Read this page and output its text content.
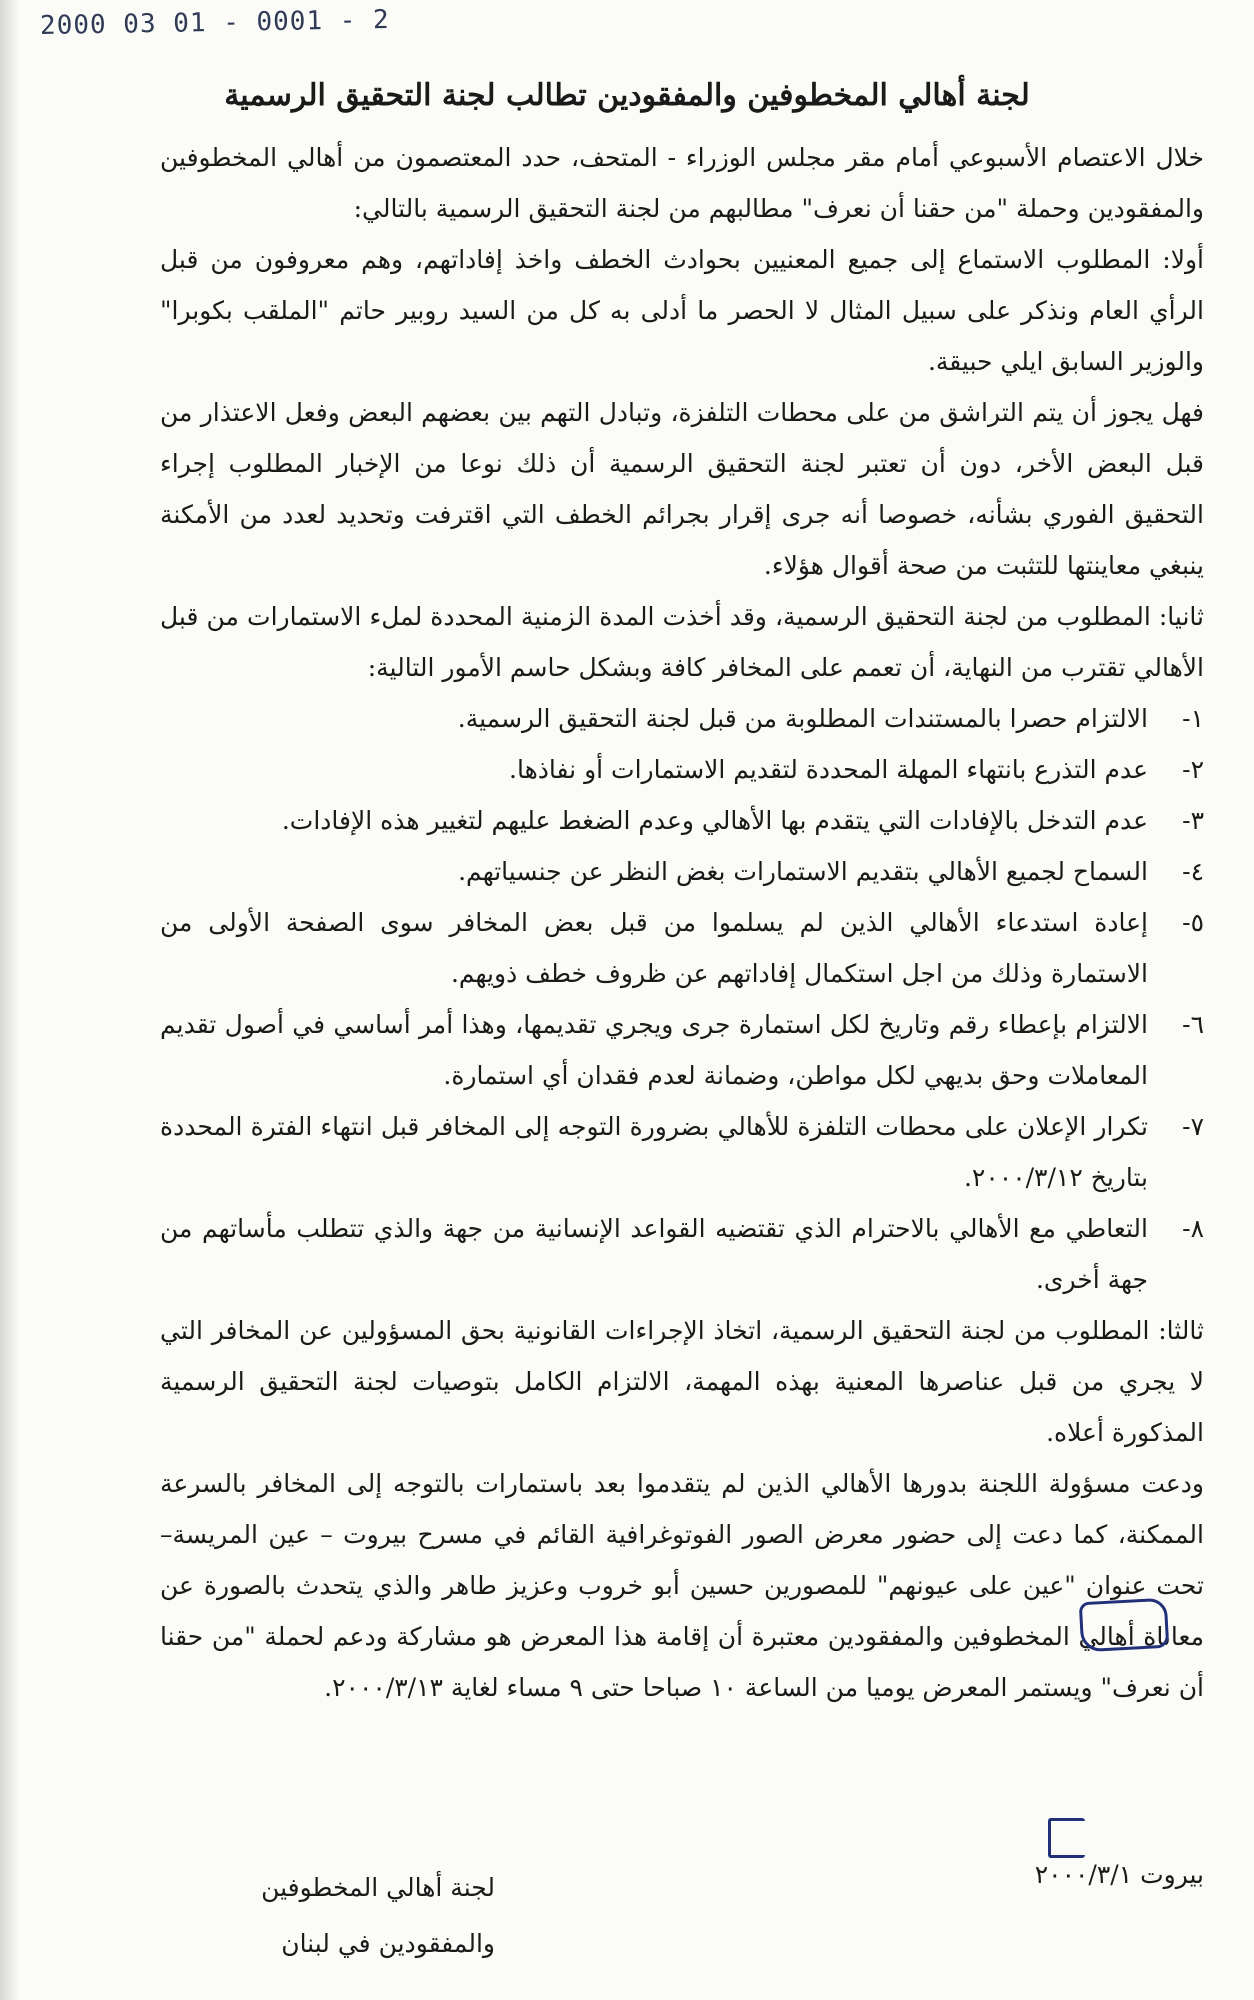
2000 03 01 - 0001 - 2
لجنة أهالي المخطوفين والمفقودين تطالب لجنة التحقيق الرسمية

خلال الاعتصام الأسبوعي أمام مقر مجلس الوزراء - المتحف، حدد المعتصمون من أهالي المخطوفين والمفقودين وحملة "من حقنا أن نعرف" مطالبهم من لجنة التحقيق الرسمية بالتالي:

أولا: المطلوب الاستماع إلى جميع المعنيين بحوادث الخطف واخذ إفاداتهم، وهم معروفون من قبل الرأي العام ونذكر على سبيل المثال لا الحصر ما أدلى به كل من السيد روبير حاتم "الملقب بكوبرا" والوزير السابق ايلي حبيقة.

فهل يجوز أن يتم التراشق من على محطات التلفزة، وتبادل التهم بين بعضهم البعض وفعل الاعتذار من قبل البعض الأخر، دون أن تعتبر لجنة التحقيق الرسمية أن ذلك نوعا من الإخبار المطلوب إجراء التحقيق الفوري بشأنه، خصوصا أنه جرى إقرار بجرائم الخطف التي اقترفت وتحديد لعدد من الأمكنة ينبغي معاينتها للتثبت من صحة أقوال هؤلاء.

ثانيا: المطلوب من لجنة التحقيق الرسمية، وقد أخذت المدة الزمنية المحددة لملء الاستمارات من قبل الأهالي تقترب من النهاية، أن تعمم على المخافر كافة وبشكل حاسم الأمور التالية:

١-
الالتزام حصرا بالمستندات المطلوبة من قبل لجنة التحقيق الرسمية.
٢-
عدم التذرع بانتهاء المهلة المحددة لتقديم الاستمارات أو نفاذها.
٣-
عدم التدخل بالإفادات التي يتقدم بها الأهالي وعدم الضغط عليهم لتغيير هذه الإفادات.
٤-
السماح لجميع الأهالي بتقديم الاستمارات بغض النظر عن جنسياتهم.
٥-
إعادة استدعاء الأهالي الذين لم يسلموا من قبل بعض المخافر سوى الصفحة الأولى من الاستمارة وذلك من اجل استكمال إفاداتهم عن ظروف خطف ذويهم.
٦-
الالتزام بإعطاء رقم وتاريخ لكل استمارة جرى ويجري تقديمها، وهذا أمر أساسي في أصول تقديم المعاملات وحق بديهي لكل مواطن، وضمانة لعدم فقدان أي استمارة.
٧-
تكرار الإعلان على محطات التلفزة للأهالي بضرورة التوجه إلى المخافر قبل انتهاء الفترة المحددة بتاريخ ٢٠٠٠/٣/١٢.
٨-
التعاطي مع الأهالي بالاحترام الذي تقتضيه القواعد الإنسانية من جهة والذي تتطلب مأساتهم من جهة أخرى.

ثالثا: المطلوب من لجنة التحقيق الرسمية، اتخاذ الإجراءات القانونية بحق المسؤولين عن المخافر التي لا يجري من قبل عناصرها المعنية بهذه المهمة، الالتزام الكامل بتوصيات لجنة التحقيق الرسمية المذكورة أعلاه.

ودعت مسؤولة اللجنة بدورها الأهالي الذين لم يتقدموا بعد باستمارات بالتوجه إلى المخافر بالسرعة الممكنة، كما دعت إلى حضور معرض الصور الفوتوغرافية القائم في مسرح بيروت – عين المريسة– تحت عنوان "عين على عيونهم" للمصورين حسين أبو خروب وعزيز طاهر والذي يتحدث بالصورة عن معاناة أهالي المخطوفين والمفقودين معتبرة أن إقامة هذا المعرض هو مشاركة ودعم لحملة "من حقنا أن نعرف" ويستمر المعرض يوميا من الساعة ١٠ صباحا حتى ٩ مساء لغاية ٢٠٠٠/٣/١٣.

بيروت ٢٠٠٠/٣/١
لجنة أهالي المخطوفين
والمفقودين في لبنان
